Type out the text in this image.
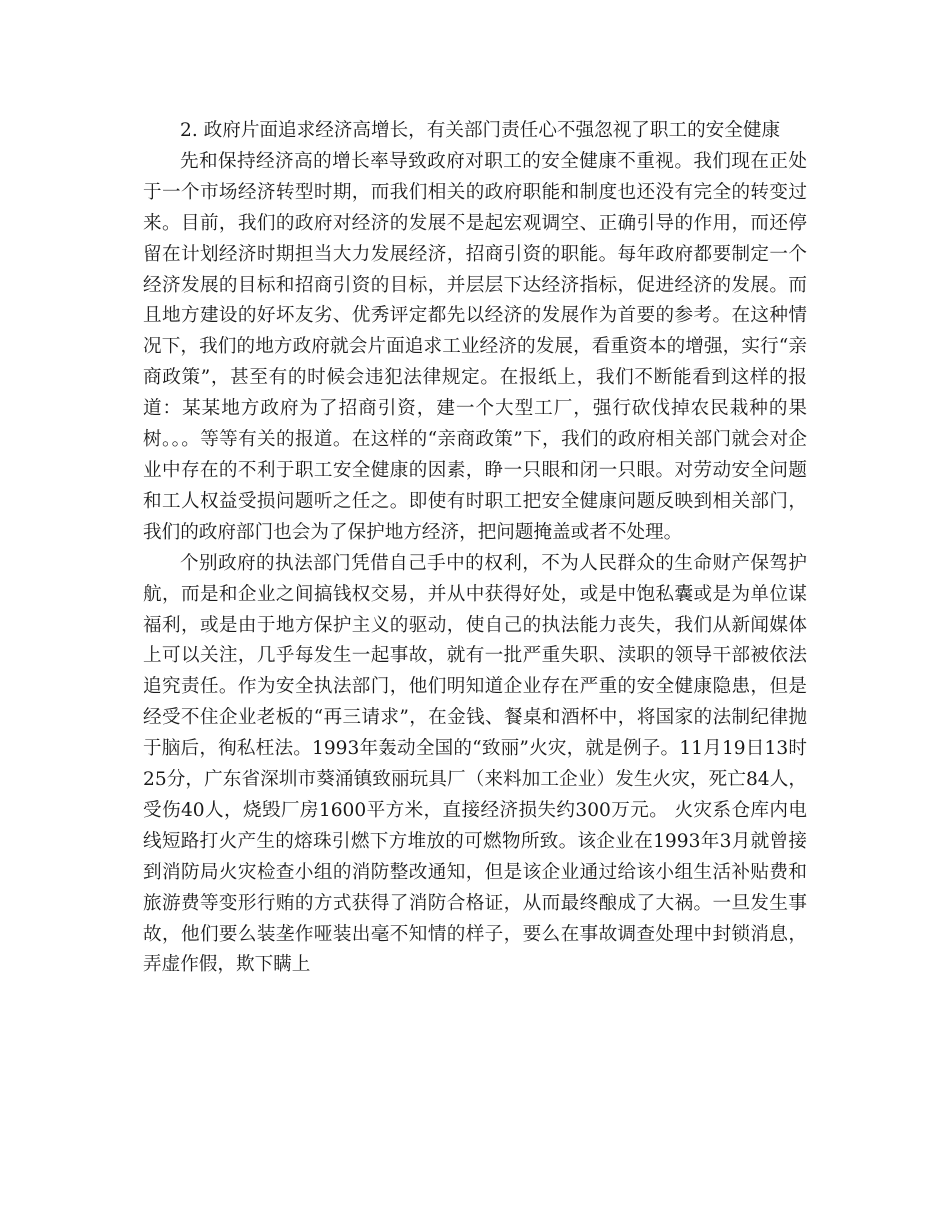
2. 政府片面追求经济高增长，有关部门责任心不强忽视了职工的安全健康

先和保持经济高的增长率导致政府对职工的安全健康不重视。我们现在正处于一个市场经济转型时期，而我们相关的政府职能和制度也还没有完全的转变过来。目前，我们的政府对经济的发展不是起宏观调空、正确引导的作用，而还停留在计划经济时期担当大力发展经济，招商引资的职能。每年政府都要制定一个经济发展的目标和招商引资的目标，并层层下达经济指标，促进经济的发展。而且地方建设的好坏友劣、优秀评定都先以经济的发展作为首要的参考。在这种情况下，我们的地方政府就会片面追求工业经济的发展，看重资本的增强，实行“亲商政策”，甚至有的时候会违犯法律规定。在报纸上，我们不断能看到这样的报道：某某地方政府为了招商引资，建一个大型工厂，强行砍伐掉农民栽种的果树。。。等等有关的报道。在这样的“亲商政策”下，我们的政府相关部门就会对企业中存在的不利于职工安全健康的因素，睁一只眼和闭一只眼。对劳动安全问题和工人权益受损问题听之任之。即使有时职工把安全健康问题反映到相关部门，我们的政府部门也会为了保护地方经济，把问题掩盖或者不处理。

个别政府的执法部门凭借自己手中的权利，不为人民群众的生命财产保驾护航，而是和企业之间搞钱权交易，并从中获得好处，或是中饱私囊或是为单位谋福利，或是由于地方保护主义的驱动，使自己的执法能力丧失，我们从新闻媒体上可以关注，几乎每发生一起事故，就有一批严重失职、渎职的领导干部被依法追究责任。作为安全执法部门，他们明知道企业存在严重的安全健康隐患，但是经受不住企业老板的“再三请求”，在金钱、餐桌和酒杯中，将国家的法制纪律抛于脑后，徇私枉法。1993年轰动全国的“致丽”火灾，就是例子。11月19日13时25分，广东省深圳市葵涌镇致丽玩具厂（来料加工企业）发生火灾，死亡84人，受伤40人，烧毁厂房1600平方米，直接经济损失约300万元。 火灾系仓库内电线短路打火产生的熔珠引燃下方堆放的可燃物所致。该企业在1993年3月就曾接到消防局火灾检查小组的消防整改通知，但是该企业通过给该小组生活补贴费和旅游费等变形行贿的方式获得了消防合格证，从而最终酿成了大祸。一旦发生事故，他们要么装垄作哑装出毫不知情的样子，要么在事故调查处理中封锁消息，弄虚作假，欺下瞒上
